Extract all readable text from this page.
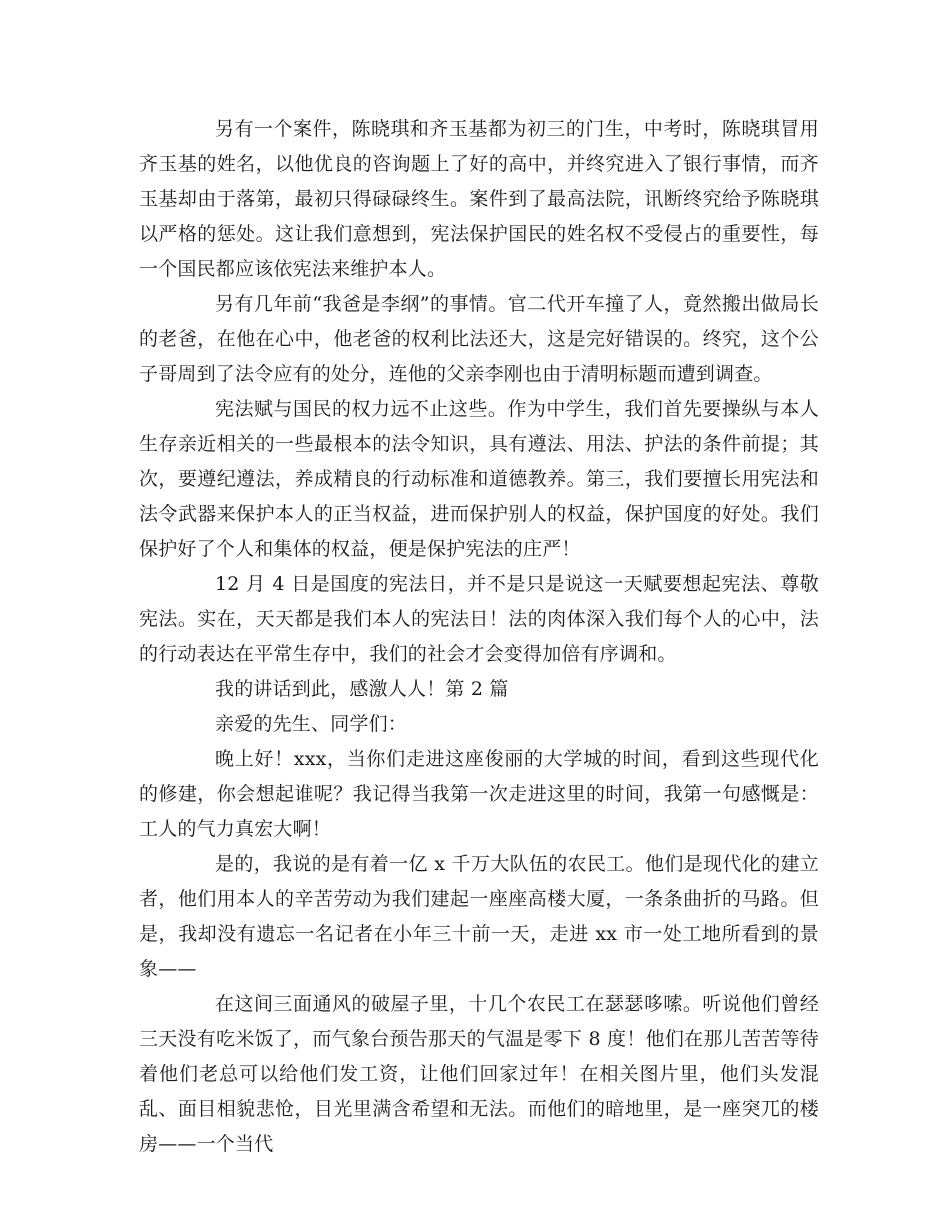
另有一个案件，陈晓琪和齐玉基都为初三的门生，中考时，陈晓琪冒用齐玉基的姓名，以他优良的咨询题上了好的高中，并终究进入了银行事情，而齐玉基却由于落第，最初只得碌碌终生。案件到了最高法院，讯断终究给予陈晓琪以严格的惩处。这让我们意想到，宪法保护国民的姓名权不受侵占的重要性，每一个国民都应该依宪法来维护本人。

另有几年前“我爸是李纲”的事情。官二代开车撞了人，竟然搬出做局长的老爸，在他在心中，他老爸的权利比法还大，这是完好错误的。终究，这个公子哥周到了法令应有的处分，连他的父亲李刚也由于清明标题而遭到调查。

宪法赋与国民的权力远不止这些。作为中学生，我们首先要操纵与本人生存亲近相关的一些最根本的法令知识，具有遵法、用法、护法的条件前提；其次，要遵纪遵法，养成精良的行动标准和道德教养。第三，我们要擅长用宪法和法令武器来保护本人的正当权益，进而保护别人的权益，保护国度的好处。我们保护好了个人和集体的权益，便是保护宪法的庄严！

12 月 4 日是国度的宪法日，并不是只是说这一天赋要想起宪法、尊敬宪法。实在，天天都是我们本人的宪法日！法的肉体深入我们每个人的心中，法的行动表达在平常生存中，我们的社会才会变得加倍有序调和。

我的讲话到此，感激人人！第 2 篇

亲爱的先生、同学们：

晚上好！xxx，当你们走进这座俊丽的大学城的时间，看到这些现代化的修建，你会想起谁呢？我记得当我第一次走进这里的时间，我第一句感慨是：工人的气力真宏大啊！

是的，我说的是有着一亿 x 千万大队伍的农民工。他们是现代化的建立者，他们用本人的辛苦劳动为我们建起一座座高楼大厦，一条条曲折的马路。但是，我却没有遗忘一名记者在小年三十前一天，走进 xx 市一处工地所看到的景象——

在这间三面通风的破屋子里，十几个农民工在瑟瑟哆嗦。听说他们曾经三天没有吃米饭了，而气象台预告那天的气温是零下 8 度！他们在那儿苦苦等待着他们老总可以给他们发工资，让他们回家过年！在相关图片里，他们头发混乱、面目相貌悲怆，目光里满含希望和无法。而他们的暗地里，是一座突兀的楼房——一个当代
